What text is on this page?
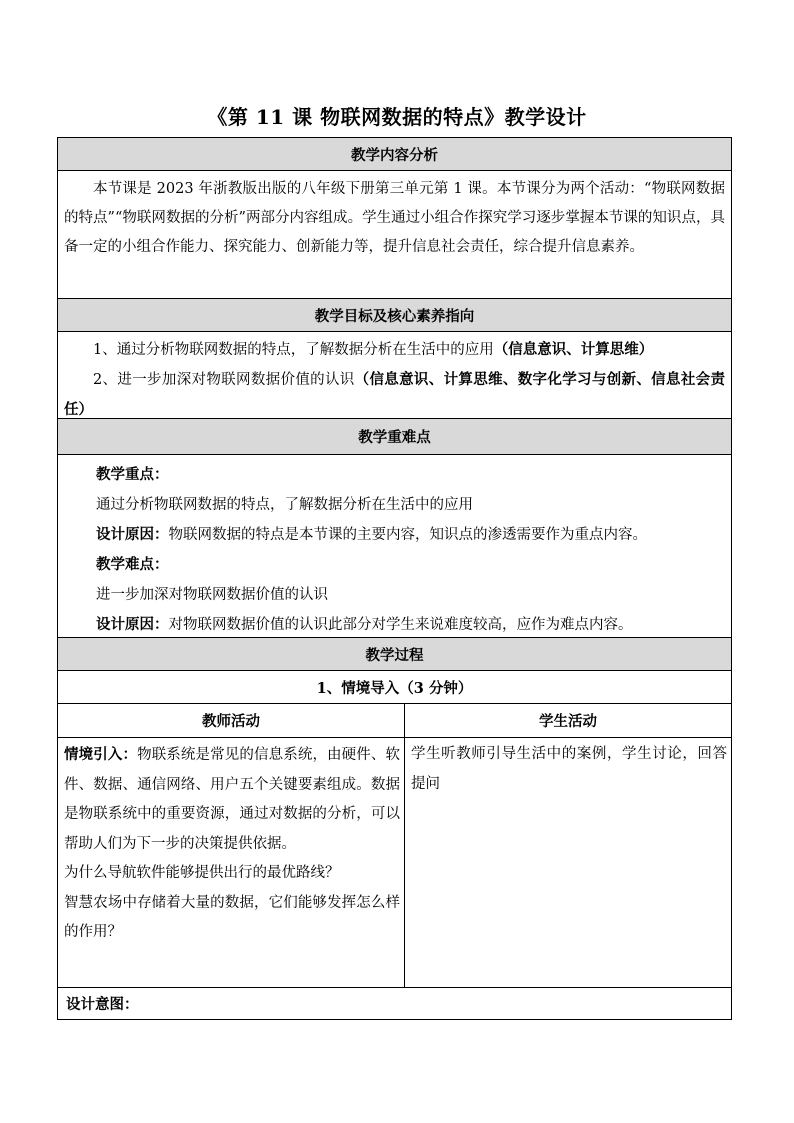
《第 11 课 物联网数据的特点》教学设计
教学内容分析
本节课是 2023 年浙教版出版的八年级下册第三单元第 1 课。本节课分为两个活动：“物联网数据的特点”“物联网数据的分析”两部分内容组成。学生通过小组合作探究学习逐步掌握本节课的知识点，具备一定的小组合作能力、探究能力、创新能力等，提升信息社会责任，综合提升信息素养。
教学目标及核心素养指向
1、通过分析物联网数据的特点，了解数据分析在生活中的应用（信息意识、计算思维）
2、进一步加深对物联网数据价值的认识（信息意识、计算思维、数字化学习与创新、信息社会责任）
教学重难点
教学重点：
通过分析物联网数据的特点，了解数据分析在生活中的应用
设计原因：物联网数据的特点是本节课的主要内容，知识点的渗透需要作为重点内容。
教学难点：
进一步加深对物联网数据价值的认识
设计原因：对物联网数据价值的认识此部分对学生来说难度较高，应作为难点内容。
教学过程
1、情境导入（3 分钟）
教师活动	学生活动
情境引入：物联系统是常见的信息系统，由硬件、软件、数据、通信网络、用户五个关键要素组成。数据是物联系统中的重要资源，通过对数据的分析，可以帮助人们为下一步的决策提供依据。
为什么导航软件能够提供出行的最优路线？
智慧农场中存储着大量的数据，它们能够发挥怎么样的作用？
学生听教师引导生活中的案例，学生讨论，回答提问
设计意图：
